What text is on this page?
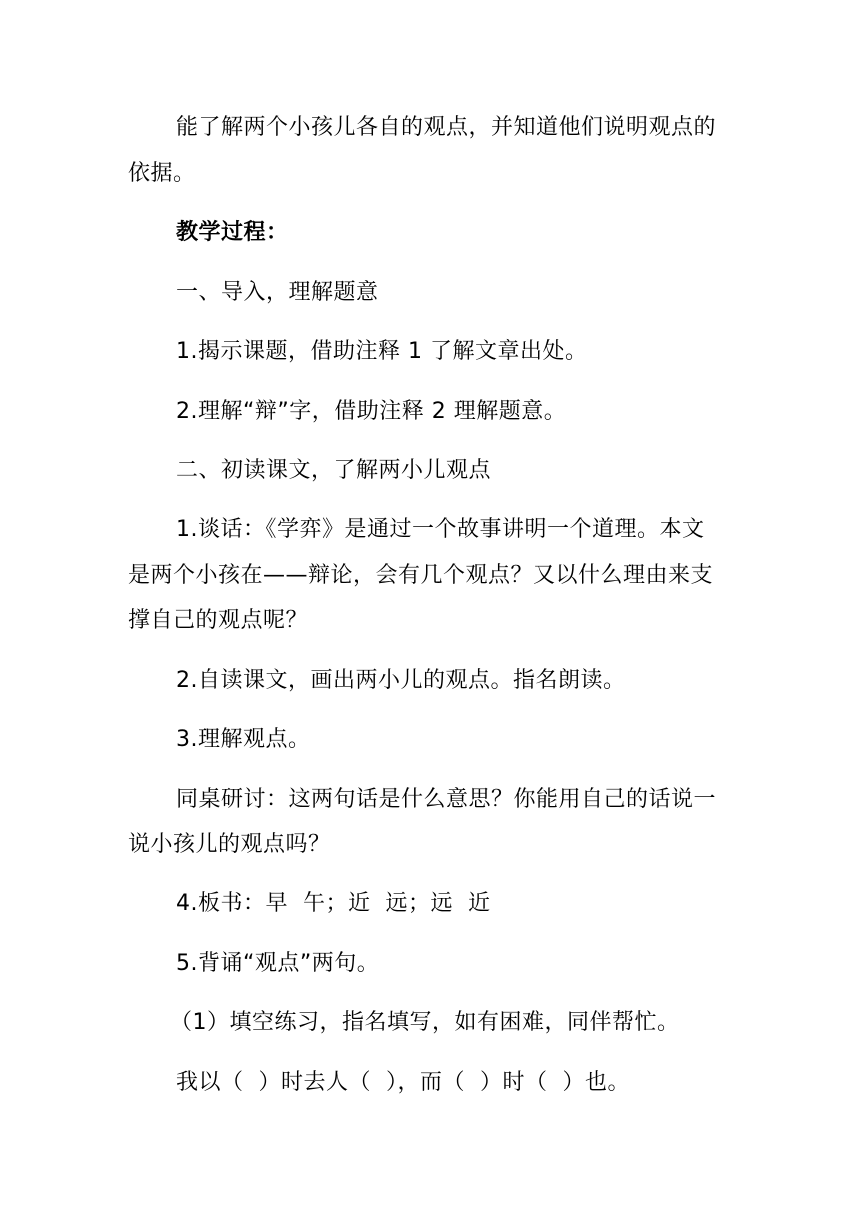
能了解两个小孩儿各自的观点，并知道他们说明观点的
依据。
教学过程：
一、导入，理解题意
1.揭示课题，借助注释 1 了解文章出处。
2.理解“辩”字，借助注释 2 理解题意。
二、初读课文，了解两小儿观点
1.谈话：《学弈》是通过一个故事讲明一个道理。本文
是两个小孩在——辩论，会有几个观点？又以什么理由来支
撑自己的观点呢？
2.自读课文，画出两小儿的观点。指名朗读。
3.理解观点。
同桌研讨：这两句话是什么意思？你能用自己的话说一
说小孩儿的观点吗？
4.板书：早  午；近  远；远  近
5.背诵“观点”两句。
（1）填空练习，指名填写，如有困难，同伴帮忙。
我以（  ）时去人（  ），而（  ）时（  ）也。
